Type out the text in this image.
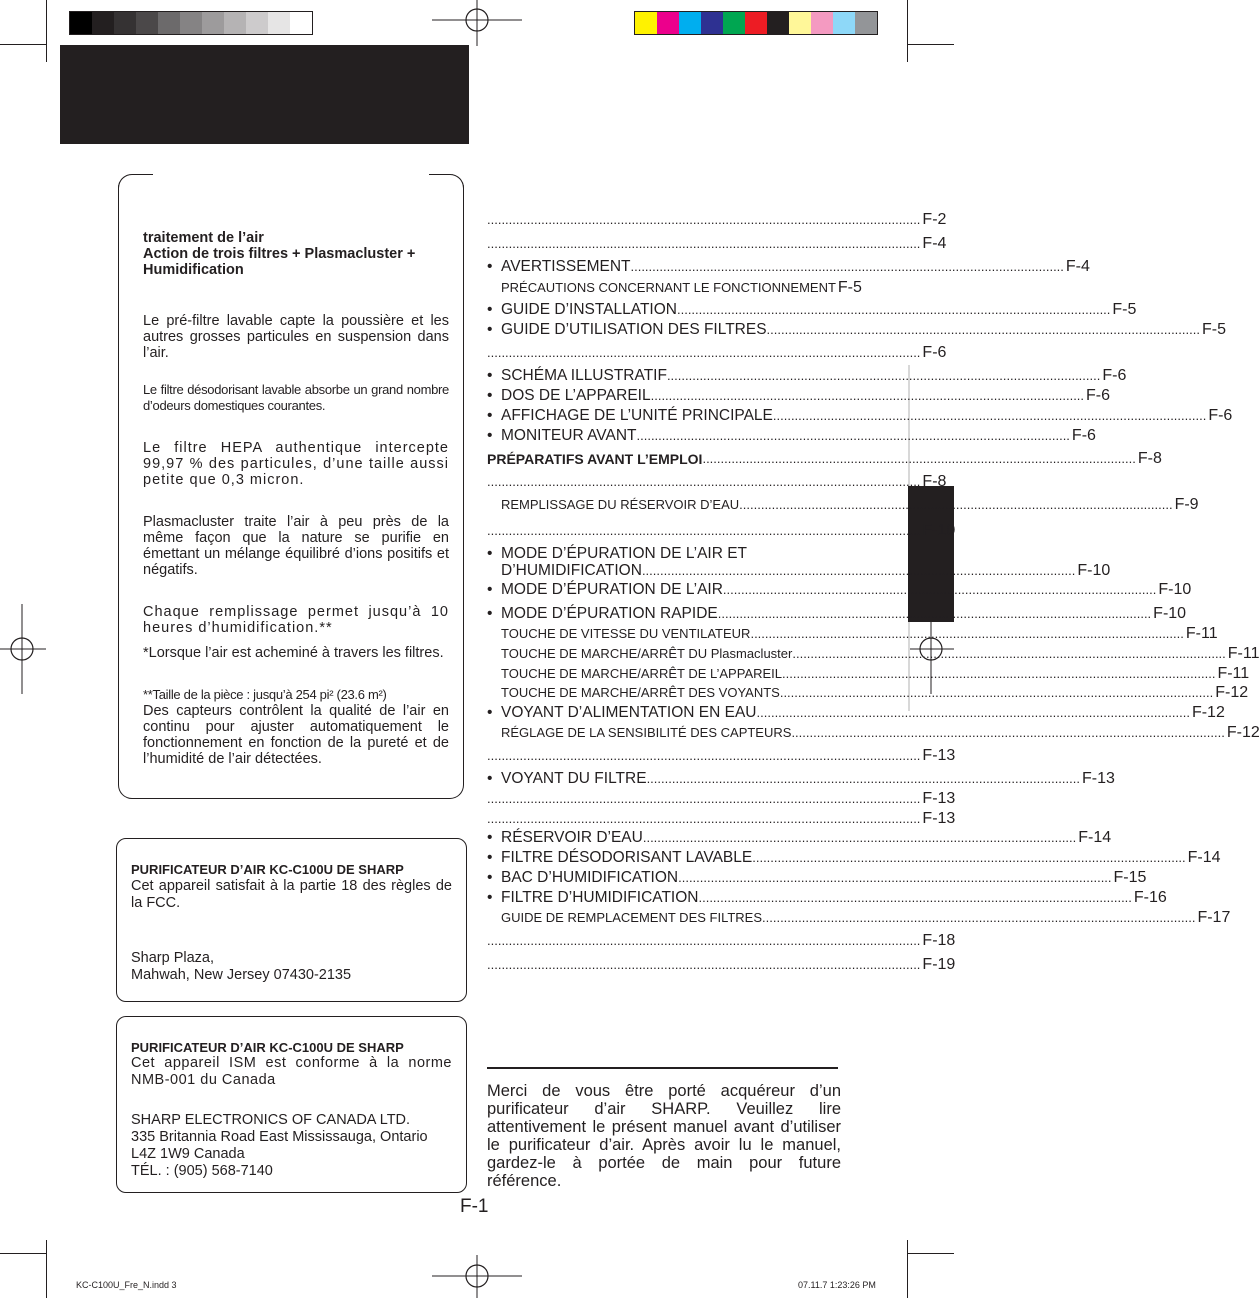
traitement de l’air
Action de trois filtres + Plasmacluster + Humidification
Le pré-filtre lavable capte la poussière et les autres grosses particules en suspension dans l’air.
Le filtre désodorisant lavable absorbe un grand nombre d’odeurs domestiques courantes.
Le filtre HEPA authentique intercepte 99,97 % des particules, d’une taille aussi petite que 0,3 micron.
Plasmacluster traite l’air à peu près de la même façon que la nature se purifie en émettant un mélange équilibré d’ions positifs et négatifs.
Chaque remplissage permet jusqu’à 10 heures d’humidification.**
*Lorsque l’air est acheminé à travers les filtres.
**Taille de la pièce : jusqu’à 254 pi² (23.6 m²)
Des capteurs contrôlent la qualité de l’air en continu pour ajuster automatiquement le fonctionnement en fonction de la pureté et de l’humidité de l’air détectées.
PURIFICATEUR D’AIR KC-C100U DE SHARP
Cet appareil satisfait à la partie 18 des règles de la FCC.
Sharp Plaza,
Mahwah, New Jersey 07430-2135
PURIFICATEUR D’AIR KC-C100U DE SHARP
Cet appareil ISM est conforme à la norme NMB-001 du Canada
SHARP ELECTRONICS OF CANADA LTD.
335 Britannia Road East Mississauga, Ontario
L4Z 1W9 Canada
TÉL. : (905) 568-7140
........................................................................................................................ F-2
........................................................................................................................ F-4
• AVERTISSEMENT ........................................................................................................................ F-4
PRÉCAUTIONS CONCERNANT LE FONCTIONNEMENT F-5
• GUIDE D’INSTALLATION ........................................................................................................................ F-5
• GUIDE D’UTILISATION DES FILTRES ........................................................................................................................ F-5
........................................................................................................................ F-6
• SCHÉMA ILLUSTRATIF ........................................................................................................................ F-6
• DOS DE L’APPAREIL ........................................................................................................................ F-6
• AFFICHAGE DE L’UNITÉ PRINCIPALE ........................................................................................................................ F-6
• MONITEUR AVANT ........................................................................................................................ F-6
PRÉPARATIFS AVANT L’EMPLOI ........................................................................................................................ F-8
........................................................................................................................ F-8
REMPLISSAGE DU RÉSERVOIR D’EAU ........................................................................................................................ F-9
........................................................................................................................ F-10
• MODE D’ÉPURATION DE L’AIR ET
D’HUMIDIFICATION ........................................................................................................................ F-10
• MODE D’ÉPURATION DE L’AIR ........................................................................................................................ F-10
• MODE D’ÉPURATION RAPIDE ........................................................................................................................ F-10
TOUCHE DE VITESSE DU VENTILATEUR ........................................................................................................................ F-11
TOUCHE DE MARCHE/ARRÊT DU Plasmacluster ........................................................................................................................ F-11
TOUCHE DE MARCHE/ARRÊT DE L’APPAREIL ........................................................................................................................ F-11
TOUCHE DE MARCHE/ARRÊT DES VOYANTS ........................................................................................................................ F-12
• VOYANT D’ALIMENTATION EN EAU ........................................................................................................................ F-12
RÉGLAGE DE LA SENSIBILITÉ DES CAPTEURS ........................................................................................................................ F-12
........................................................................................................................ F-13
• VOYANT DU FILTRE ........................................................................................................................ F-13
........................................................................................................................ F-13
........................................................................................................................ F-13
• RÉSERVOIR D’EAU ........................................................................................................................ F-14
• FILTRE DÉSODORISANT LAVABLE ........................................................................................................................ F-14
• BAC D’HUMIDIFICATION ........................................................................................................................ F-15
• FILTRE D’HUMIDIFICATION ........................................................................................................................ F-16
GUIDE DE REMPLACEMENT DES FILTRES ........................................................................................................................ F-17
........................................................................................................................ F-18
........................................................................................................................ F-19
Merci de vous être porté acquéreur d’un purificateur d’air SHARP. Veuillez lire attentivement le présent manuel avant d’utiliser le purificateur d’air. Après avoir lu le manuel, gardez-le à portée de main pour future référence.
F-1
KC-C100U_Fre_N.indd 3	07.11.7 1:23:26 PM
